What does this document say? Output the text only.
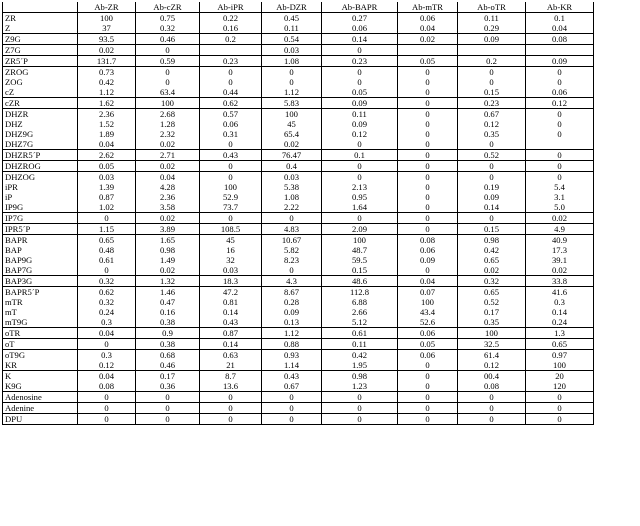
	Ab-ZR	Ab-cZR	Ab-iPR	Ab-DZR	Ab-BAPR	Ab-mTR	Ab-oTR	Ab-KR
ZR	100	0.75	0.22	0.45	0.27	0.06	0.11	0.1
Z	37	0.32	0.16	0.11	0.06	0.04	0.29	0.04
Z9G	93.5	0.46	0.2	0.54	0.14	0.02	0.09	0.08
Z7G	0.02	0		0.03	0			
ZR5´P	131.7	0.59	0.23	1.08	0.23	0.05	0.2	0.09
ZROG	0.73	0	0	0	0	0	0	0
ZOG	0.42	0	0	0	0	0	0	0
cZ	1.12	63.4	0.44	1.12	0.05	0	0.15	0.06
cZR	1.62	100	0.62	5.83	0.09	0	0.23	0.12
DHZR	2.36	2.68	0.57	100	0.11	0	0.67	0
DHZ	1.52	1.28	0.06	45	0.09	0	0.12	0
DHZ9G	1.89	2.32	0.31	65.4	0.12	0	0.35	0
DHZ7G	0.04	0.02	0	0.02	0	0	0	
DHZR5´P	2.62	2.71	0.43	76.47	0.1	0	0.52	0
DHZROG	0.05	0.02	0	0.4	0	0	0	0
DHZOG	0.03	0.04	0	0.03	0	0	0	0
iPR	1.39	4.28	100	5.38	2.13	0	0.19	5.4
iP	0.87	2.36	52.9	1.08	0.95	0	0.09	3.1
IP9G	1.02	3.58	73.7	2.22	1.64	0	0.14	5.0
IP7G	0	0.02	0	0	0	0	0	0.02
IPR5´P	1.15	3.89	108.5	4.83	2.09	0	0.15	4.9
BAPR	0.65	1.65	45	10.67	100	0.08	0.98	40.9
BAP	0.48	0.98	16	5.82	48.7	0.06	0.42	17.3
BAP9G	0.61	1.49	32	8.23	59.5	0.09	0.65	39.1
BAP7G	0	0.02	0.03	0	0.15	0	0.02	0.02
BAP3G	0.32	1.32	18.3	4.3	48.6	0.04	0.32	33.8
BAPR5´P	0.62	1.46	47.2	8.67	112.8	0.07	0.65	41.6
mTR	0.32	0.47	0.81	0.28	6.88	100	0.52	0.3
mT	0.24	0.16	0.14	0.09	2.66	43.4	0.17	0.14
mT9G	0.3	0.38	0.43	0.13	5.12	52.6	0.35	0.24
oTR	0.04	0.9	0.87	1.12	0.61	0.06	100	1.3
oT	0	0.38	0.14	0.88	0.11	0.05	32.5	0.65
oT9G	0.3	0.68	0.63	0.93	0.42	0.06	61.4	0.97
KR	0.12	0.46	21	1.14	1.95	0	0.12	100
K	0.04	0.17	8.7	0.43	0.98	0	00.4	20
K9G	0.08	0.36	13.6	0.67	1.23	0	0.08	120
Adenosine	0	0	0	0	0	0	0	0
Adenine	0	0	0	0	0	0	0	0
DPU	0	0	0	0	0	0	0	0
